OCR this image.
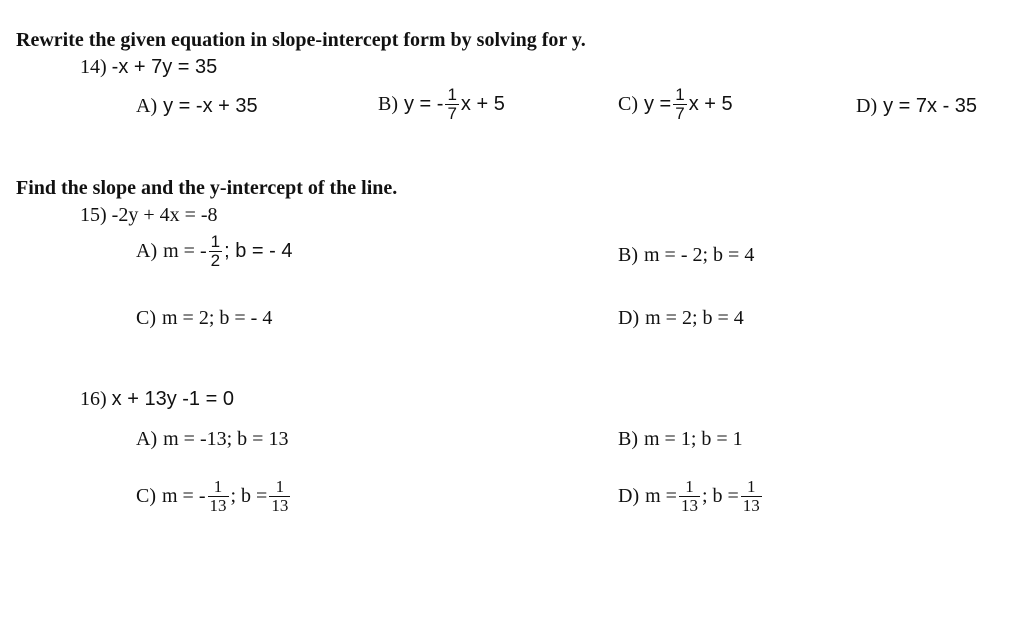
Rewrite the given equation in slope-intercept form by solving for y.
14) -x + 7y = 35
A) y = -x + 35	B) y = - $\frac{1}{7}$ x + 5	C) $y = \frac{1}{7}$ x + 5	D) y = 7x - 35
Find the slope and the y-intercept of the line.
15) -2y + 4x = -8
A) m = - $\frac{1}{2}$ ; b = - 4	B) m = - 2; b = 4
C) m = 2; b = - 4	D) m = 2; b = 4
16) x + 13y -1 = 0
A) m = -13; b = 13	B) m = 1; b = 1
C) m = - $\frac{1}{13}$ ; $b = \frac{1}{13}$	D) $m = \frac{1}{13}$ ; $b = \frac{1}{13}$
